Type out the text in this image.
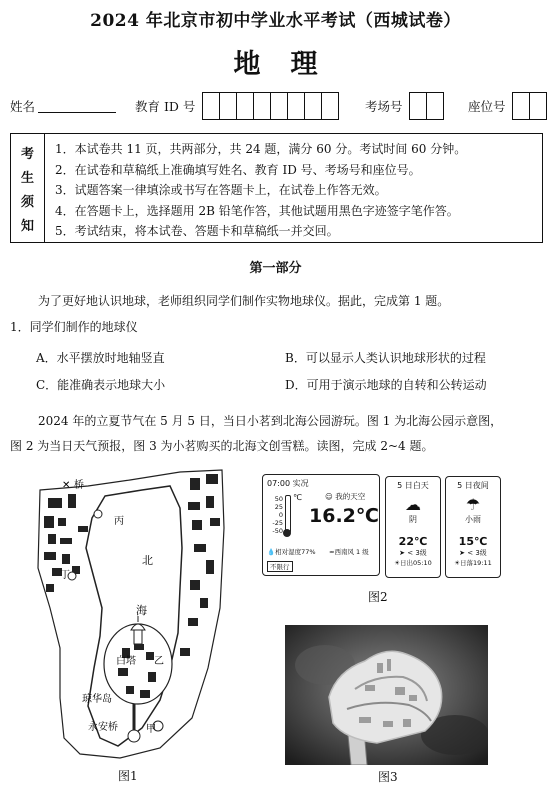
2024 年北京市初中学业水平考试（西城试卷）
地理
姓名	教育 ID 号	考场号	座位号
考
生
须
知
1．本试卷共 11 页，共两部分，共 24 题，满分 60 分。考试时间 60 分钟。
2．在试卷和草稿纸上准确填写姓名、教育 ID 号、考场号和座位号。
3．试题答案一律填涂或书写在答题卡上，在试卷上作答无效。
4．在答题卡上，选择题用 2B 铅笔作答，其他试题用黑色字迹签字笔作答。
5．考试结束，将本试卷、答题卡和草稿纸一并交回。
第一部分
为了更好地认识地球，老师组织同学们制作实物地球仪。据此，完成第 1 题。
1．同学们制作的地球仪
A．水平摆放时地轴竖直	B．可以显示人类认识地球形状的过程
C．能准确表示地球大小	D．可用于演示地球的自转和公转运动
2024 年的立夏节气在 5 月 5 日，当日小茗到北海公园游玩。图 1 为北海公园示意图，
图 2 为当日天气预报，图 3 为小茗购买的北海文创雪糕。读图，完成 2~4 题。
桥
✕
丙
丁
北
海
白塔 乙
琼华岛
永安桥	甲
图1
07:00 实况
☺ 我的天空
50
25
0
-25
-50
℃
16.2℃
💧相对湿度77% ≈西南风 1 级
不限行
5 日白天
☁
阴
22℃
➤ < 3级
☀日出05:10
5 日夜间
☂
小雨
15℃
➤ < 3级
☀日落19:11
图2
图3
